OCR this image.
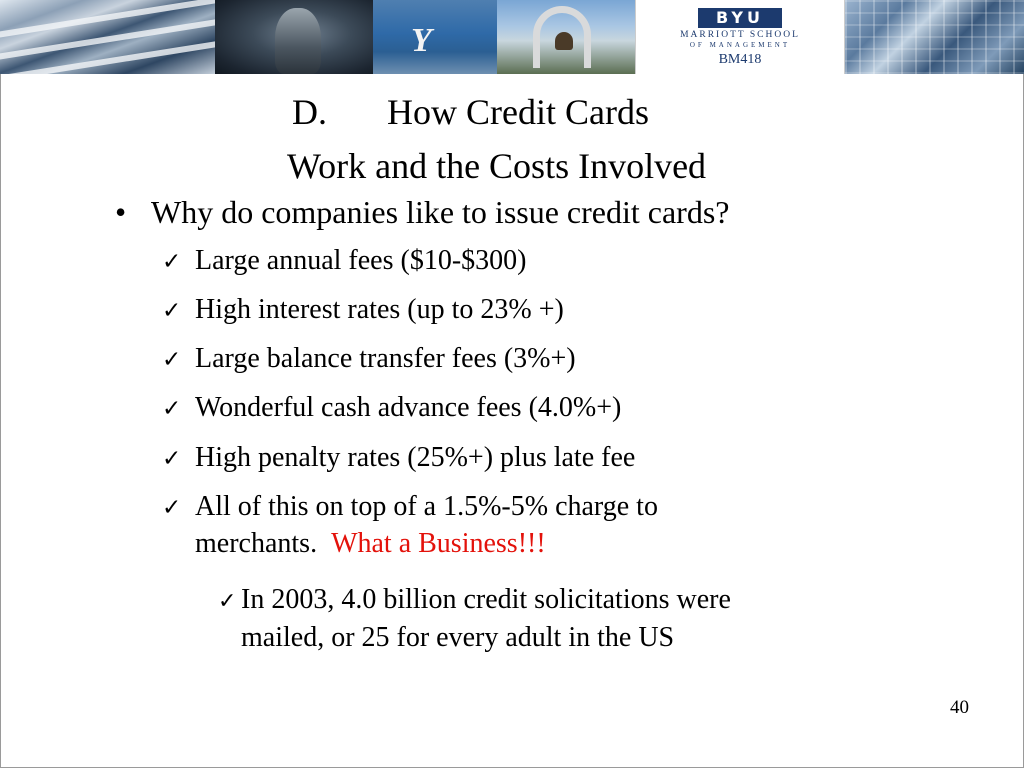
Y
BYU
MARRIOTT SCHOOL
OF MANAGEMENT
BM418
D. How Credit Cards
Work and the Costs Involved
• Why do companies like to issue credit cards?
✓ Large annual fees ($10-$300)
✓ High interest rates (up to 23% +)
✓ Large balance transfer fees (3%+)
✓ Wonderful cash advance fees (4.0%+)
✓ High penalty rates (25%+) plus late fee
✓ All of this on top of a 1.5%-5% charge to
merchants. What a Business!!!
✓ In 2003, 4.0 billion credit solicitations were
mailed, or 25 for every adult in the US
40
